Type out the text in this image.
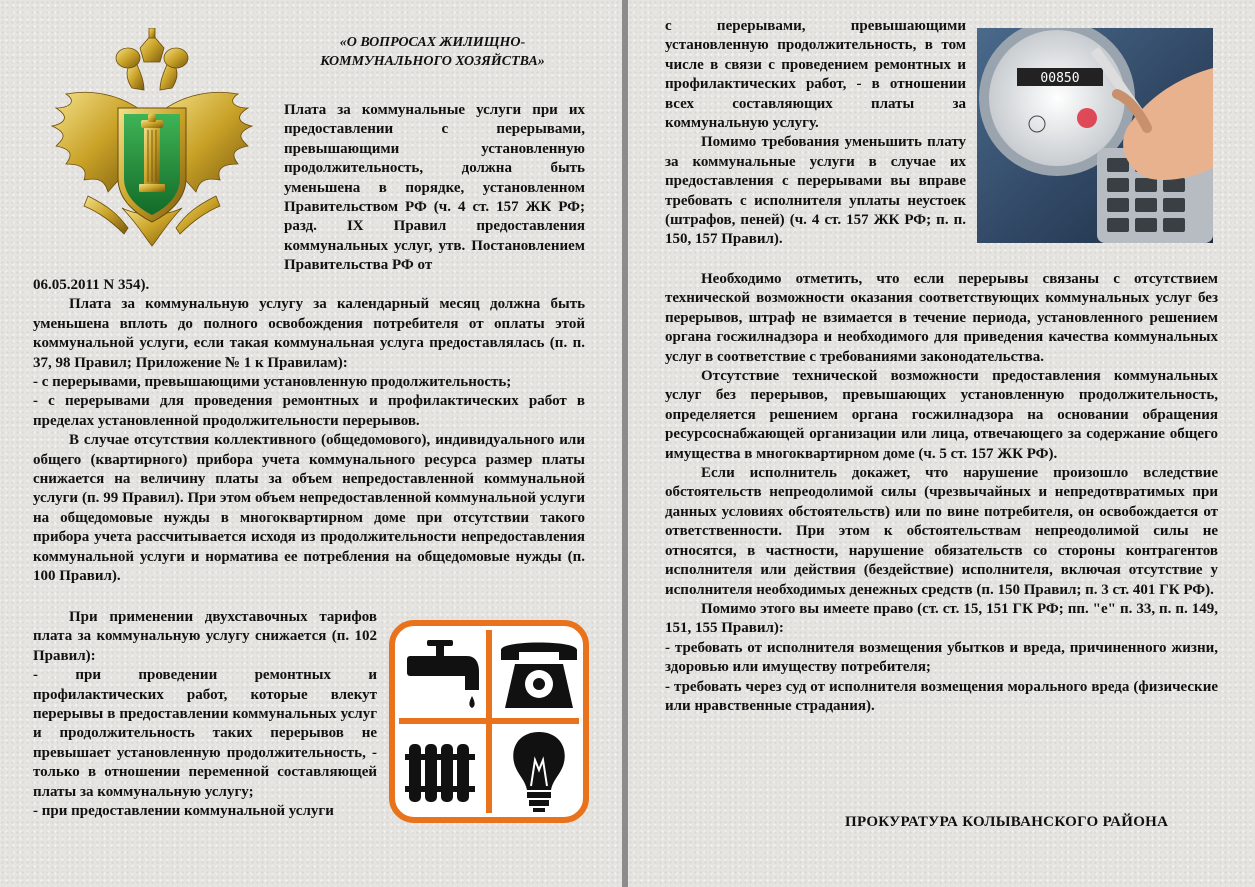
«О ВОПРОСАХ ЖИЛИЩНО-КОММУНАЛЬНОГО ХОЗЯЙСТВА»

Плата за коммунальные услуги при их предоставлении с перерывами, превышающими установленную продолжительность, должна быть уменьшена в порядке, установленном Правительством РФ (ч. 4 ст. 157 ЖК РФ; разд. IX Правил предоставления коммунальных услуг, утв. Постановлением Правительства РФ от

06.05.2011 N 354).

Плата за коммунальную услугу за календарный месяц должна быть уменьшена вплоть до полного освобождения потребителя от оплаты этой коммунальной услуги, если такая коммунальная услуга предоставлялась (п. п. 37, 98 Правил; Приложение № 1 к Правилам):

- с перерывами, превышающими установленную продолжительность;

- с перерывами для проведения ремонтных и профилактических работ в пределах установленной продолжительности перерывов.

В случае отсутствия коллективного (общедомового), индивидуального или общего (квартирного) прибора учета коммунального ресурса размер платы снижается на величину платы за объем непредоставленной коммунальной услуги (п. 99 Правил). При этом объем непредоставленной коммунальной услуги на общедомовые нужды в многоквартирном доме при отсутствии такого прибора учета рассчитывается исходя из продолжительности непредоставления коммунальной услуги и норматива ее потребления на общедомовые нужды (п. 100 Правил).

При применении двухставочных тарифов плата за коммунальную услугу снижается (п. 102 Правил):

- при проведении ремонтных и профилактических работ, которые влекут перерывы в предоставлении коммунальных услуг и продолжительность таких перерывов не превышает установленную продолжительность, - только в отношении переменной составляющей платы за коммунальную услугу;

- при предоставлении коммунальной услуги

00850

с перерывами, превышающими установленную продолжительность, в том числе в связи с проведением ремонтных и профилактических работ, - в отношении всех составляющих платы за коммунальную услугу.

Помимо требования уменьшить плату за коммунальные услуги в случае их предоставления с перерывами вы вправе требовать с исполнителя уплаты неустоек (штрафов, пеней) (ч. 4 ст. 157 ЖК РФ; п. п. 150, 157 Правил).

Необходимо отметить, что если перерывы связаны с отсутствием технической возможности оказания соответствующих коммунальных услуг без перерывов, штраф не взимается в течение периода, установленного решением органа госжилнадзора и необходимого для приведения качества коммунальных услуг в соответствие с требованиями законодательства.

Отсутствие технической возможности предоставления коммунальных услуг без перерывов, превышающих установленную продолжительность, определяется решением органа госжилнадзора на основании обращения ресурсоснабжающей организации или лица, отвечающего за содержание общего имущества в многоквартирном доме (ч. 5 ст. 157 ЖК РФ).

Если исполнитель докажет, что нарушение произошло вследствие обстоятельств непреодолимой силы (чрезвычайных и непредотвратимых при данных условиях обстоятельств) или по вине потребителя, он освобождается от ответственности. При этом к обстоятельствам непреодолимой силы не относятся, в частности, нарушение обязательств со стороны контрагентов исполнителя или действия (бездействие) исполнителя, включая отсутствие у исполнителя необходимых денежных средств (п. 150 Правил; п. 3 ст. 401 ГК РФ).

Помимо этого вы имеете право (ст. ст. 15, 151 ГК РФ; пп. "е" п. 33, п. п. 149, 151, 155 Правил):

- требовать от исполнителя возмещения убытков и вреда, причиненного жизни, здоровью или имуществу потребителя;

- требовать через суд от исполнителя возмещения морального вреда (физические или нравственные страдания).

ПРОКУРАТУРА КОЛЫВАНСКОГО РАЙОНА
